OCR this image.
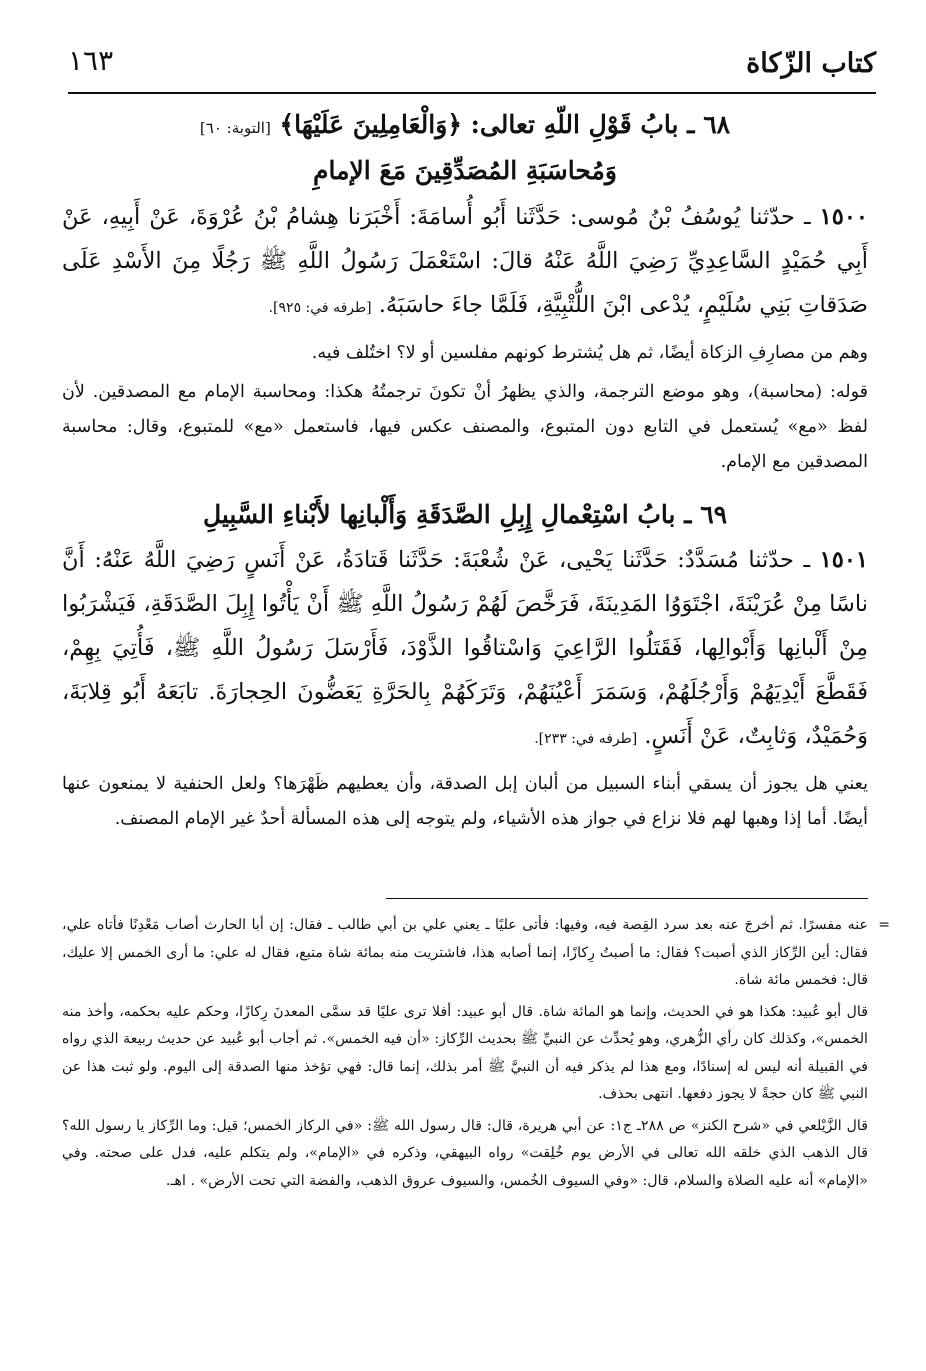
كتاب الزّكاة
١٦٣
٦٨ ـ بابُ قَوْلِ اللّهِ تعالى: ﴿وَالْعَامِلِينَ عَلَيْهَا﴾ [التوبة: ٦٠]
وَمُحاسَبَةِ المُصَدِّقِينَ مَعَ الإمامِ

١٥٠٠ ـ حدّثنا يُوسُفُ بْنُ مُوسى: حَدَّثَنا أَبُو أُسامَةَ: أَخْبَرَنا هِشامُ بْنُ عُرْوَةَ، عَنْ أَبِيهِ، عَنْ أَبِي حُمَيْدٍ السَّاعِدِيِّ رَضِيَ اللَّهُ عَنْهُ قالَ: اسْتَعْمَلَ رَسُولُ اللَّهِ ﷺ رَجُلًا مِنَ الأَسْدِ عَلَى صَدَقاتِ بَنِي سُلَيْمٍ، يُدْعى ابْنَ اللُّتْبِيَّةِ، فَلَمَّا جاءَ حاسَبَهُ. [طرفه في: ٩٢٥].

وهم من مصارِفِ الزكاة أيضًا، ثم هل يُشترط كونهم مفلسين أو لا؟ اختُلف فيه.

قوله: (محاسبة)، وهو موضع الترجمة، والذي يظهرُ أنْ تكونَ ترجمتُهُ هكذا: ومحاسبة الإمام مع المصدقين. لأن لفظ «مع» يُستعمل في التابع دون المتبوع، والمصنف عكس فيها، فاستعمل «مع» للمتبوع، وقال: محاسبة المصدقين مع الإمام.

٦٩ ـ بابُ اسْتِعْمالِ إِبِلِ الصَّدَقَةِ وَأَلْبانِها لأَبْناءِ السَّبِيلِ

١٥٠١ ـ حدّثنا مُسَدَّدٌ: حَدَّثَنا يَحْيى، عَنْ شُعْبَةَ: حَدَّثَنا قَتادَةُ، عَنْ أَنَسٍ رَضِيَ اللَّهُ عَنْهُ: أَنَّ ناسًا مِنْ عُرَيْنَةَ، اجْتَوَوُا المَدِينَةَ، فَرَخَّصَ لَهُمْ رَسُولُ اللَّهِ ﷺ أَنْ يَأْتُوا إِبِلَ الصَّدَقَةِ، فَيَشْرَبُوا مِنْ أَلْبانِها وَأَبْوالِها، فَقَتَلُوا الرَّاعِيَ وَاسْتاقُوا الذَّوْدَ، فَأَرْسَلَ رَسُولُ اللَّهِ ﷺ، فَأُتِيَ بِهِمْ، فَقَطَّعَ أَيْدِيَهُمْ وَأَرْجُلَهُمْ، وَسَمَرَ أَعْيُنَهُمْ، وَتَرَكَهُمْ بِالحَرَّةِ يَعَضُّونَ الحِجارَةَ. تابَعَهُ أَبُو قِلابَةَ، وَحُمَيْدٌ، وَثابِتٌ، عَنْ أَنَسٍ. [طرفه في: ٢٣٣].

يعني هل يجوز أن يسقي أبناء السبيل من ألبان إبل الصدقة، وأن يعطيهم ظَهْرَها؟ ولعل الحنفية لا يمنعون عنها أيضًا. أما إذا وهبها لهم فلا نزاع في جواز هذه الأشياء، ولم يتوجه إلى هذه المسألة أحدٌ غير الإمام المصنف.

=
عنه مفسرًا. ثم أخرجَ عنه بعد سرد القِصة فيه، وفيها: فأتى عليًا ـ يعني علي بن أبي طالب ـ فقال: إن أبا الحارث أصاب مَعْدِنًا فأتاه علي، فقال: أين الرِّكاز الذي أصبت؟ فقال: ما أصبتُ رِكازًا، إنما أصابه هذا، فاشتريت منه بمائة شاة متبع، فقال له علي: ما أرى الخمس إلا عليك، قال: فخمس مائة شاة.

قال أبو عُبيد: هكذا هو في الحديث، وإنما هو المائة شاة. قال أبو عبيد: أفلا ترى عليًا قد سمَّى المعدنَ رِكازًا، وحكم عليه بحكمه، وأخذ منه الخمس»، وكذلك كان رأي الزُّهري، وهو يُحدِّث عن النبيِّ ﷺ بحديث الرِّكاز: «أن فيه الخمس». ثم أجاب أبو عُبيد عن حديث ربيعة الذي رواه في القبيلة أنه ليس له إسنادًا، ومع هذا لم يذكر فيه أن النبيَّ ﷺ أمر بذلك، إنما قال: فهي تؤخذ منها الصدقة إلى اليوم. ولو ثبت هذا عن النبي ﷺ كان حجةً لا يجوز دفعها. انتهى بحذف.

قال الزَّيْلعي في «شرح الكنز» ص ٢٨٨ـ ج١: عن أبي هريرة، قال: قال رسول الله ﷺ: «في الركاز الخمس؛ قيل: وما الرِّكاز يا رسول الله؟ قال الذهب الذي خلقه الله تعالى في الأرض يوم خُلِقت» رواه البيهقي، وذكره في «الإمام»، ولم يتكلم عليه، فدل على صحته. وفي «الإمام» أنه عليه الصلاة والسلام، قال: «وفي السيوف الخُمس، والسيوف عروق الذهب، والفضة التي تحت الأرض» . اهـ.
